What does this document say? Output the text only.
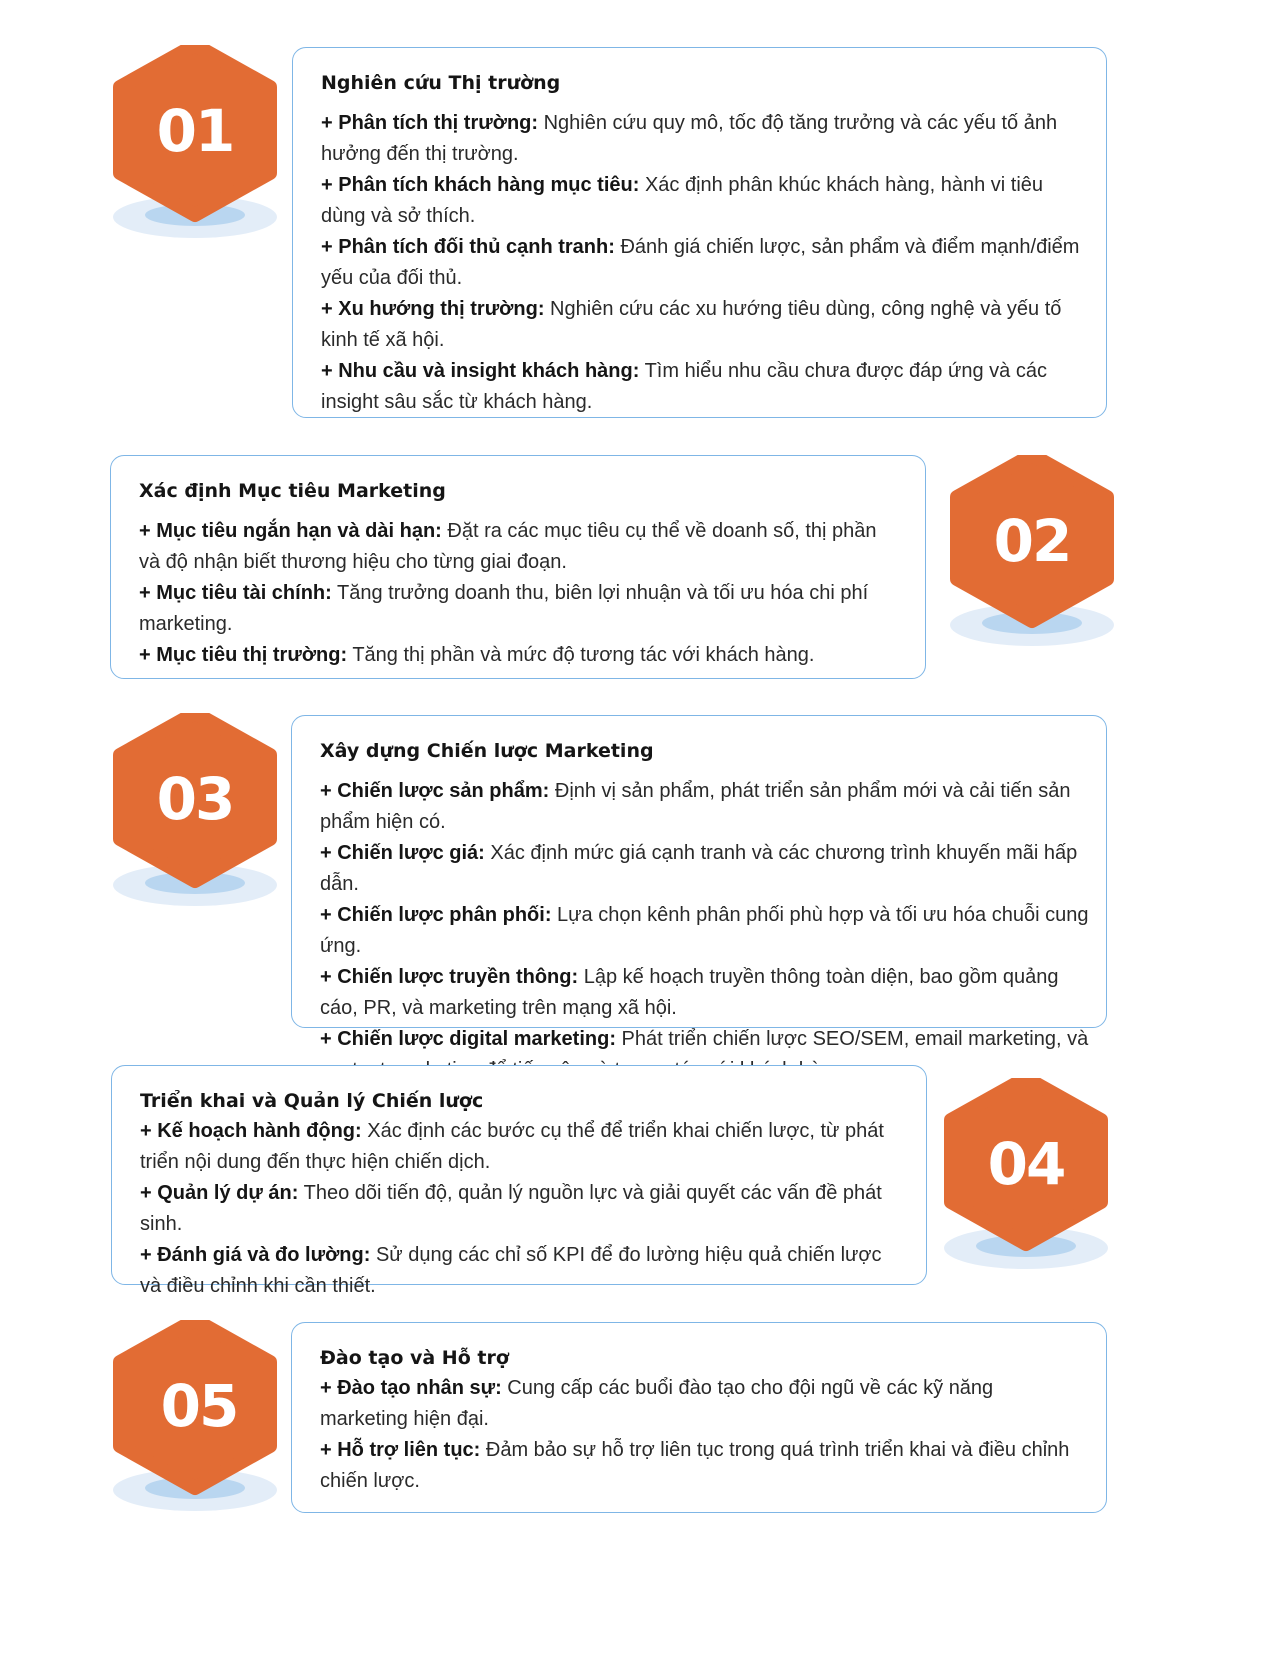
01
Nghiên cứu Thị trường

+ Phân tích thị trường: Nghiên cứu quy mô, tốc độ tăng trưởng và các yếu tố ảnh hưởng đến thị trường.

+ Phân tích khách hàng mục tiêu: Xác định phân khúc khách hàng, hành vi tiêu dùng và sở thích.

+ Phân tích đối thủ cạnh tranh: Đánh giá chiến lược, sản phẩm và điểm mạnh/điểm yếu của đối thủ.

+ Xu hướng thị trường: Nghiên cứu các xu hướng tiêu dùng, công nghệ và yếu tố kinh tế xã hội.

+ Nhu cầu và insight khách hàng: Tìm hiểu nhu cầu chưa được đáp ứng và các insight sâu sắc từ khách hàng.

Xác định Mục tiêu Marketing

+ Mục tiêu ngắn hạn và dài hạn: Đặt ra các mục tiêu cụ thể về doanh số, thị phần và độ nhận biết thương hiệu cho từng giai đoạn.

+ Mục tiêu tài chính: Tăng trưởng doanh thu, biên lợi nhuận và tối ưu hóa chi phí marketing.

+ Mục tiêu thị trường: Tăng thị phần và mức độ tương tác với khách hàng.

02
03
Xây dựng Chiến lược Marketing

+ Chiến lược sản phẩm: Định vị sản phẩm, phát triển sản phẩm mới và cải tiến sản phẩm hiện có.

+ Chiến lược giá: Xác định mức giá cạnh tranh và các chương trình khuyến mãi hấp dẫn.

+ Chiến lược phân phối: Lựa chọn kênh phân phối phù hợp và tối ưu hóa chuỗi cung ứng.

+ Chiến lược truyền thông: Lập kế hoạch truyền thông toàn diện, bao gồm quảng cáo, PR, và marketing trên mạng xã hội.

+ Chiến lược digital marketing: Phát triển chiến lược SEO/SEM, email marketing, và

Triển khai và Quản lý Chiến lược

+ Kế hoạch hành động: Xác định các bước cụ thể để triển khai chiến lược, từ phát triển nội dung đến thực hiện chiến dịch.

+ Quản lý dự án: Theo dõi tiến độ, quản lý nguồn lực và giải quyết các vấn đề phát sinh.

+ Đánh giá và đo lường: Sử dụng các chỉ số KPI để đo lường hiệu quả chiến lược và điều chỉnh khi cần thiết.

04
05
Đào tạo và Hỗ trợ

+ Đào tạo nhân sự: Cung cấp các buổi đào tạo cho đội ngũ về các kỹ năng marketing hiện đại.

+ Hỗ trợ liên tục: Đảm bảo sự hỗ trợ liên tục trong quá trình triển khai và điều chỉnh chiến lược.
